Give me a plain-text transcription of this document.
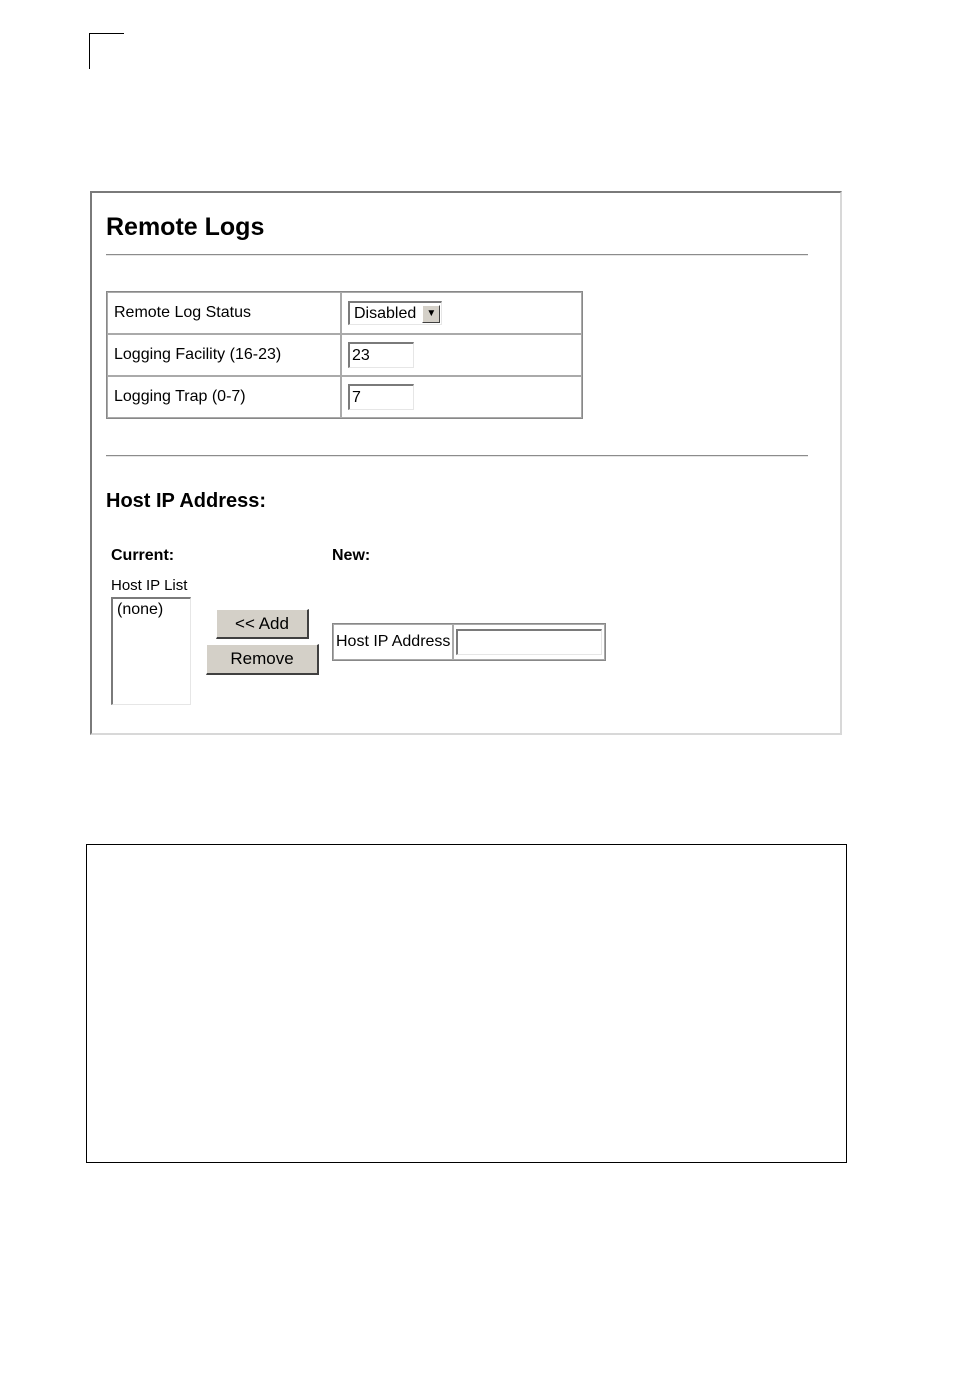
Remote Logs
Remote Log Status	Disabled ▼

Logging Facility (16-23)	23
Logging Trap (0-7)	7
Host IP Address:
Current:	New:
Host IP List
(none)
<< Add
Remove
Host IP Address	
